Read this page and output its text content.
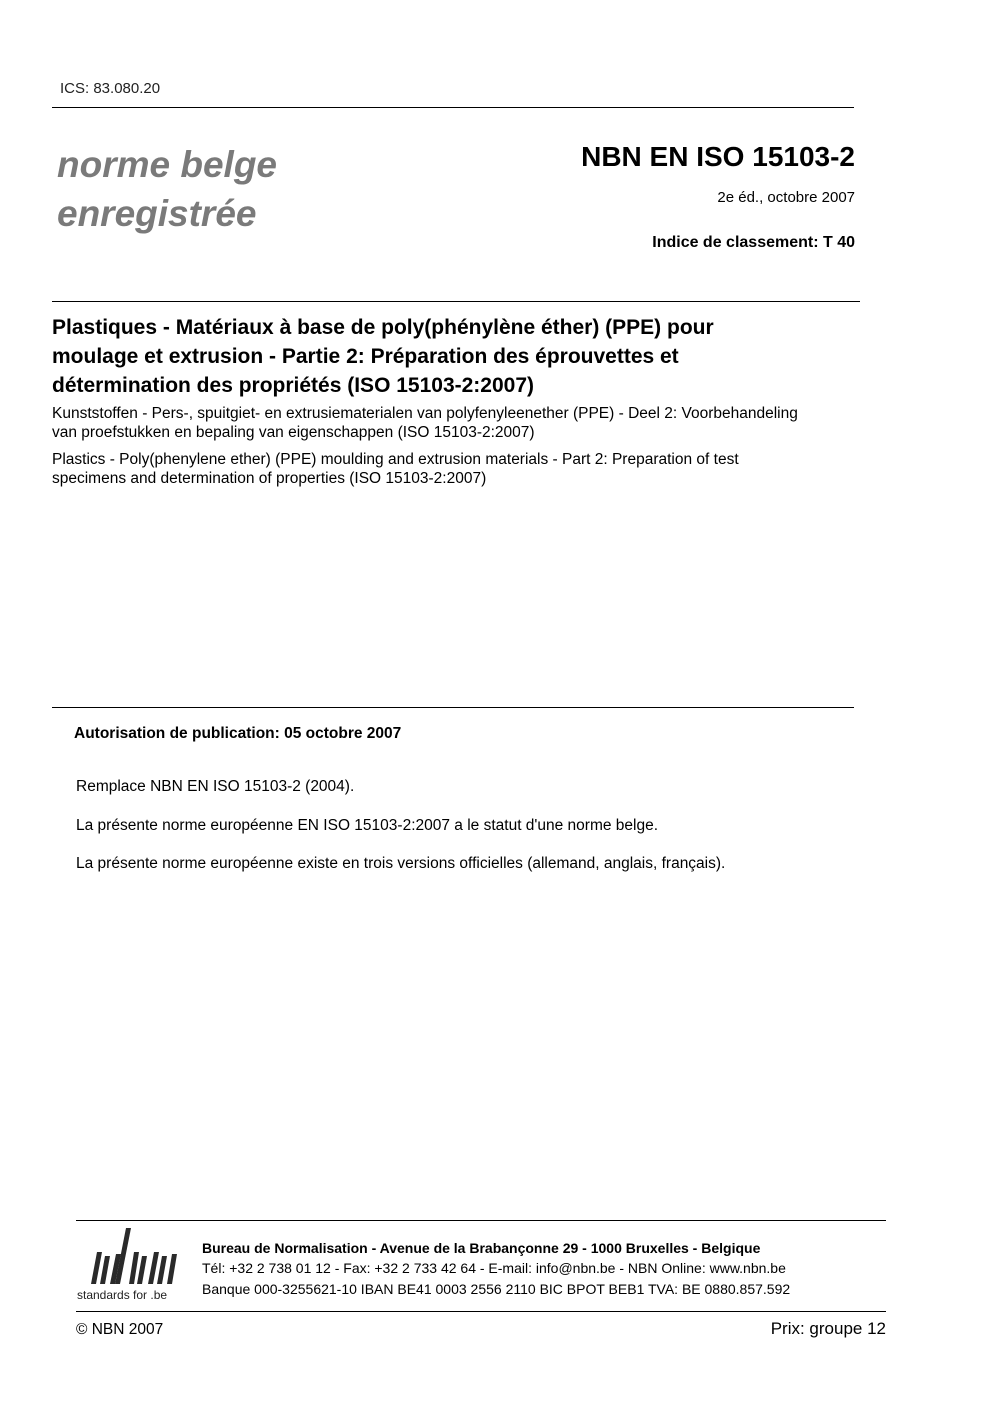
ICS: 83.080.20
norme belge
enregistrée
NBN EN ISO 15103-2
2e éd., octobre 2007
Indice de classement: T 40
Plastiques - Matériaux à base de poly(phénylène éther) (PPE) pour
moulage et extrusion - Partie 2: Préparation des éprouvettes et
détermination des propriétés (ISO 15103-2:2007)
Kunststoffen - Pers-, spuitgiet- en extrusiematerialen van polyfenyleenether (PPE) - Deel 2: Voorbehandeling
van proefstukken en bepaling van eigenschappen (ISO 15103-2:2007)
Plastics - Poly(phenylene ether) (PPE) moulding and extrusion materials - Part 2: Preparation of test
specimens and determination of properties (ISO 15103-2:2007)
Autorisation de publication: 05 octobre 2007
Remplace NBN EN ISO 15103-2 (2004).
La présente norme européenne EN ISO 15103-2:2007 a le statut d'une norme belge.
La présente norme européenne existe en trois versions officielles (allemand, anglais, français).
standards for .be
Bureau de Normalisation - Avenue de la Brabançonne 29 - 1000 Bruxelles - Belgique
Tél: +32 2 738 01 12 - Fax: +32 2 733 42 64 - E-mail: info@nbn.be - NBN Online: www.nbn.be
Banque 000-3255621-10 IBAN BE41 0003 2556 2110 BIC BPOT BEB1 TVA: BE 0880.857.592
© NBN 2007	Prix: groupe 12
